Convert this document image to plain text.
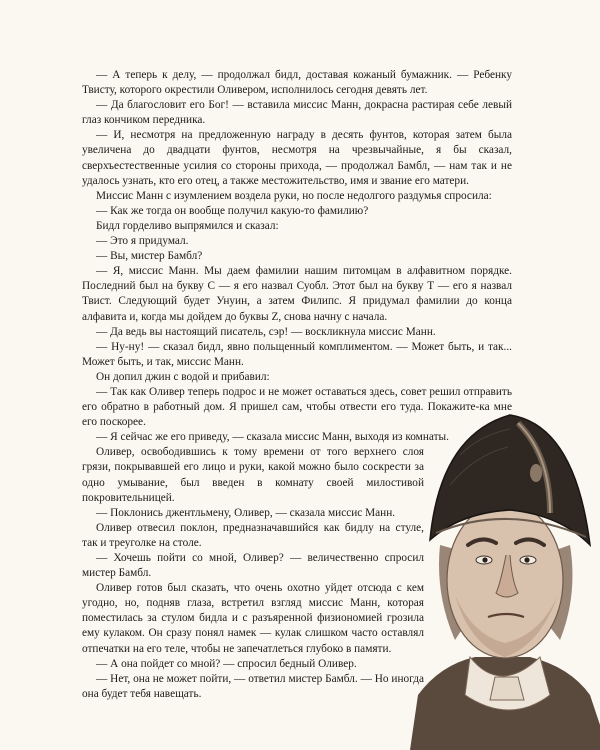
— А теперь к делу, — продолжал бидл, доставая кожаный бумажник. — Ребенку Твисту, которого окрестили Оливером, исполнилось сегодня девять лет.

— Да благословит его Бог! — вставила миссис Манн, докрасна растирая себе левый глаз кончиком передника.

— И, несмотря на предложенную награду в десять фунтов, которая затем была увеличена до двадцати фунтов, несмотря на чрезвычайные, я бы сказал, сверхъестественные усилия со стороны прихода, — продолжал Бамбл, — нам так и не удалось узнать, кто его отец, а также местожительство, имя и звание его матери.

Миссис Манн с изумлением воздела руки, но после недолгого раздумья спросила:

— Как же тогда он вообще получил какую-то фамилию?

Бидл горделиво выпрямился и сказал:

— Это я придумал.

— Вы, мистер Бамбл?

— Я, миссис Манн. Мы даем фамилии нашим питомцам в алфавитном порядке. Последний был на букву С — я его назвал Суобл. Этот был на букву Т — его я назвал Твист. Следующий будет Унуин, а затем Филипс. Я придумал фамилии до конца алфавита и, когда мы дойдем до буквы Z, снова начну с начала.

— Да ведь вы настоящий писатель, сэр! — воскликнула миссис Манн.

— Ну-ну! — сказал бидл, явно польщенный комплиментом. — Может быть, и так... Может быть, и так, миссис Манн.

Он допил джин с водой и прибавил:

— Так как Оливер теперь подрос и не может оставаться здесь, совет решил отправить его обратно в работный дом. Я пришел сам, чтобы отвести его туда. Покажите-ка мне его поскорее.

— Я сейчас же его приведу, — сказала миссис Манн, выходя из комнаты.

Оливер, освободившись к тому времени от того верхнего слоя грязи, покрывавшей его лицо и руки, какой можно было соскрести за одно умывание, был введен в комнату своей милостивой покровительницей.

— Поклонись джентльмену, Оливер, — сказала миссис Манн.

Оливер отвесил поклон, предназначавшийся как бидлу на стуле, так и треуголке на столе.

— Хочешь пойти со мной, Оливер? — величественно спросил мистер Бамбл.

Оливер готов был сказать, что очень охотно уйдет отсюда с кем угодно, но, подняв глаза, встретил взгляд миссис Манн, которая поместилась за стулом бидла и с разъяренной физиономией грозила ему кулаком. Он сразу понял намек — кулак слишком часто оставлял отпечатки на его теле, чтобы не запечатлеться глубоко в памяти.

— А она пойдет со мной? — спросил бедный Оливер.

— Нет, она не может пойти, — ответил мистер Бамбл. — Но иногда она будет тебя навещать.
